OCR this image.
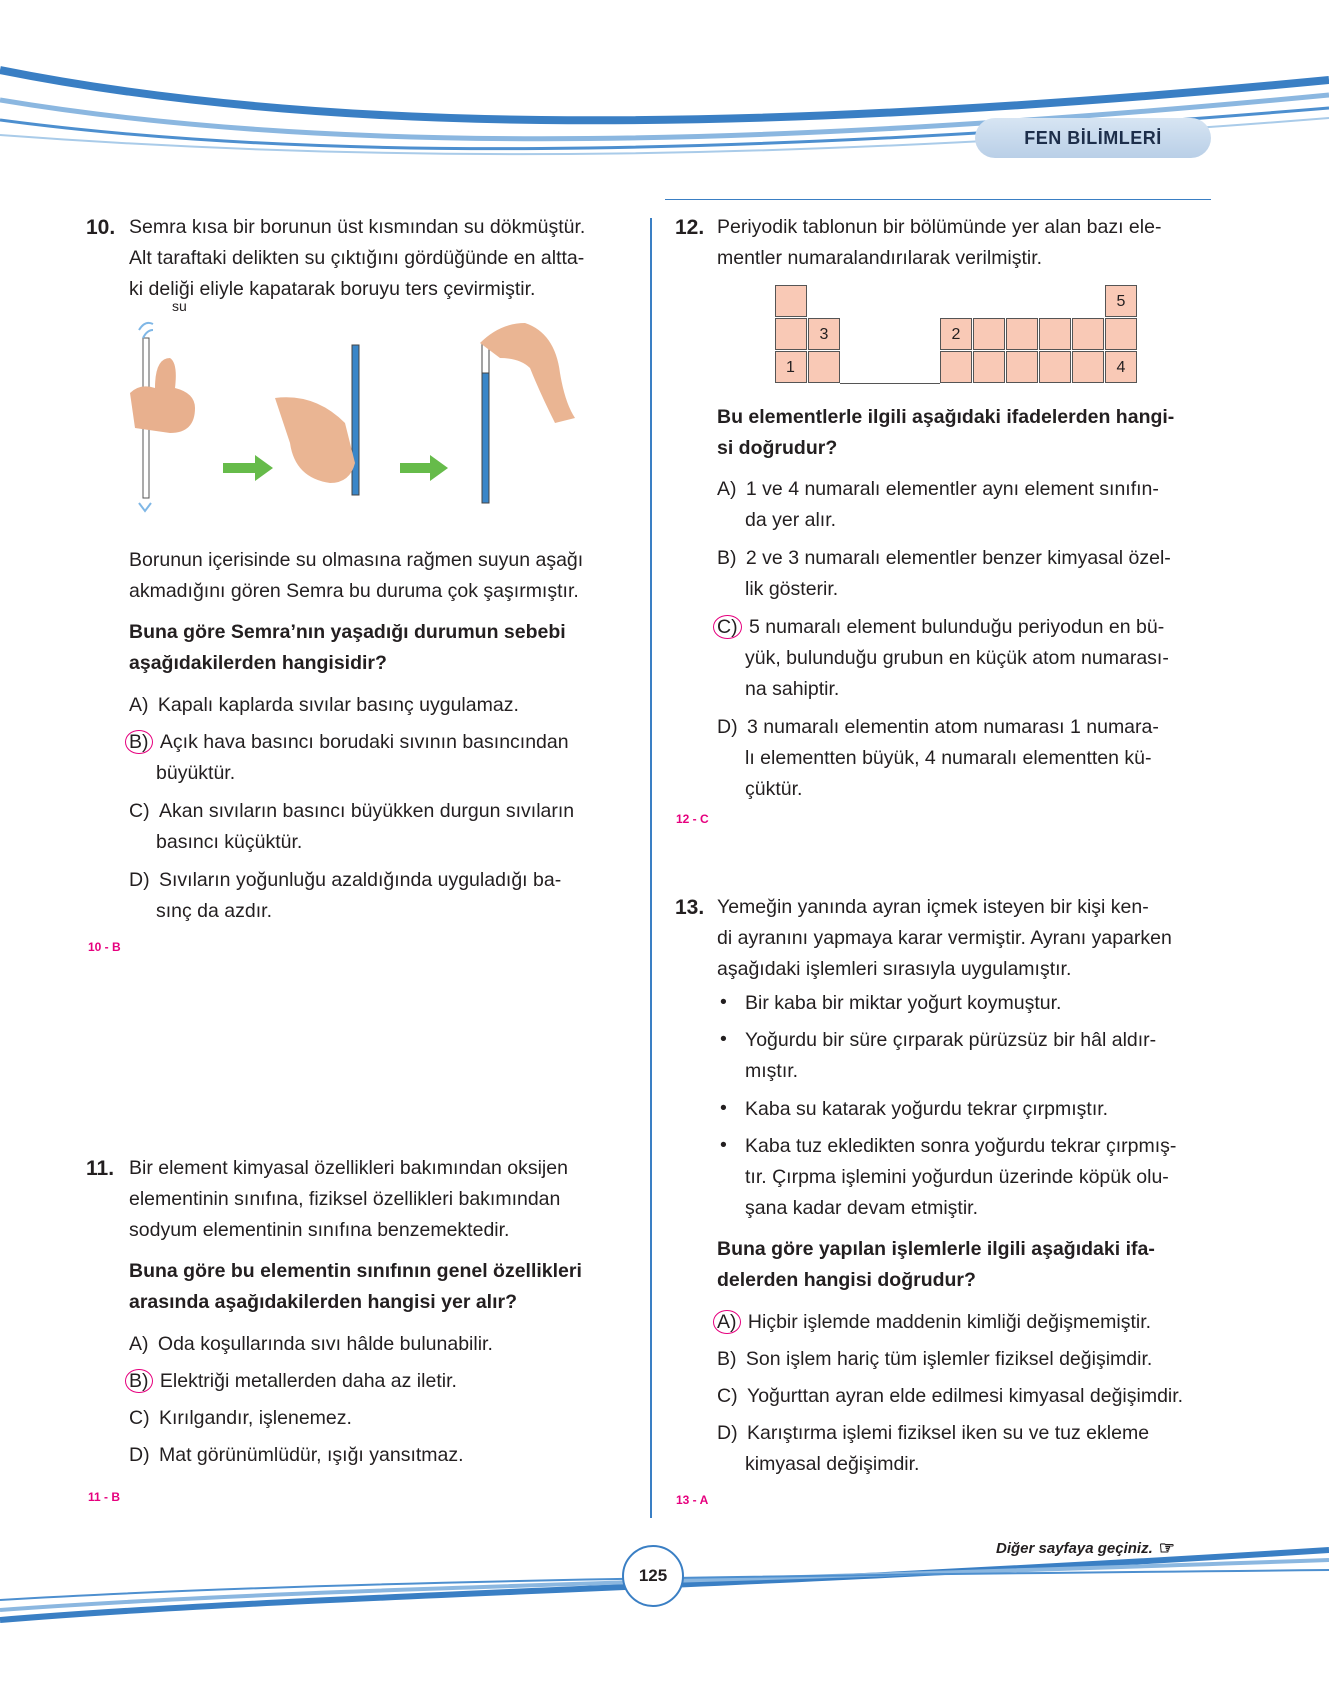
FEN BİLİMLERİ
10. Semra kısa bir borunun üst kısmından su dökmüştür.
Alt taraftaki delikten su çıktığını gördüğünde en altta-
ki deliği eliyle kapatarak boruyu ters çevirmiştir.
su
Borunun içerisinde su olmasına rağmen suyun aşağı
akmadığını gören Semra bu duruma çok şaşırmıştır.
Buna göre Semra’nın yaşadığı durumun sebebi
aşağıdakilerden hangisidir?
A) Kapalı kaplarda sıvılar basınç uygulamaz.
B) Açık hava basıncı borudaki sıvının basıncından
büyüktür.
C) Akan sıvıların basıncı büyükken durgun sıvıların
basıncı küçüktür.
D) Sıvıların yoğunluğu azaldığında uyguladığı ba-
sınç da azdır.
10 - B
11. Bir element kimyasal özellikleri bakımından oksijen
elementinin sınıfına, fiziksel özellikleri bakımından
sodyum elementinin sınıfına benzemektedir.
Buna göre bu elementin sınıfının genel özellikleri
arasında aşağıdakilerden hangisi yer alır?
A) Oda koşullarında sıvı hâlde bulunabilir.
B) Elektriği metallerden daha az iletir.
C) Kırılgandır, işlenemez.
D) Mat görünümlüdür, ışığı yansıtmaz.
11 - B
12. Periyodik tablonun bir bölümünde yer alan bazı ele-
mentler numaralandırılarak verilmiştir.
1
3	2
4
5
Bu elementlerle ilgili aşağıdaki ifadelerden hangi-
si doğrudur?
A) 1 ve 4 numaralı elementler aynı element sınıfın-
da yer alır.
B) 2 ve 3 numaralı elementler benzer kimyasal özel-
lik gösterir.
C) 5 numaralı element bulunduğu periyodun en bü-
yük, bulunduğu grubun en küçük atom numarası-
na sahiptir.
D) 3 numaralı elementin atom numarası 1 numara-
lı elementten büyük, 4 numaralı elementten kü-
çüktür.
12 - C
13. Yemeğin yanında ayran içmek isteyen bir kişi ken-
di ayranını yapmaya karar vermiştir. Ayranı yaparken
aşağıdaki işlemleri sırasıyla uygulamıştır.
• Bir kaba bir miktar yoğurt koymuştur.
• Yoğurdu bir süre çırparak pürüzsüz bir hâl aldır-
mıştır.
• Kaba su katarak yoğurdu tekrar çırpmıştır.
• Kaba tuz ekledikten sonra yoğurdu tekrar çırpmış-
tır. Çırpma işlemini yoğurdun üzerinde köpük olu-
şana kadar devam etmiştir.
Buna göre yapılan işlemlerle ilgili aşağıdaki ifa-
delerden hangisi doğrudur?
A) Hiçbir işlemde maddenin kimliği değişmemiştir.
B) Son işlem hariç tüm işlemler fiziksel değişimdir.
C) Yoğurttan ayran elde edilmesi kimyasal değişimdir.
D) Karıştırma işlemi fiziksel iken su ve tuz ekleme
kimyasal değişimdir.
13 - A
125
Diğer sayfaya geçiniz. ☞
